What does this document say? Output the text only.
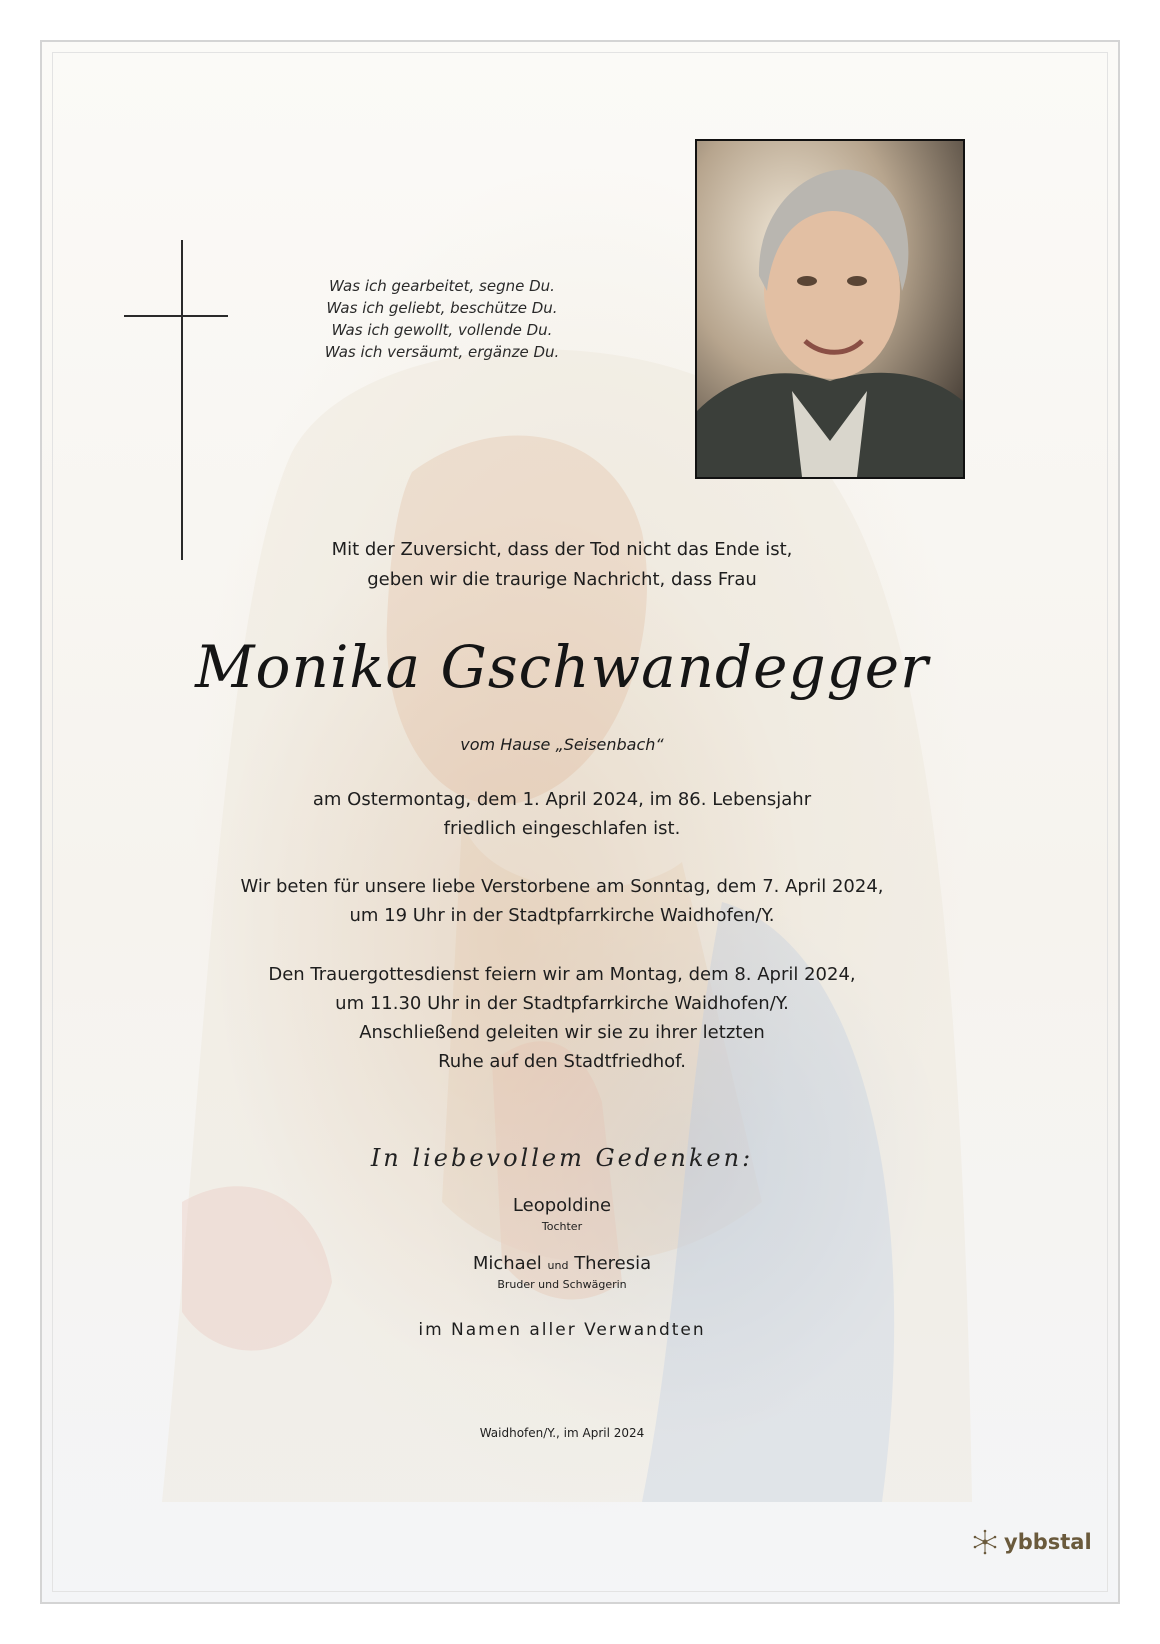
Was ich gearbeitet, segne Du.
Was ich geliebt, beschütze Du.
Was ich gewollt, vollende Du.
Was ich versäumt, ergänze Du.
Mit der Zuversicht, dass der Tod nicht das Ende ist,
geben wir die traurige Nachricht, dass Frau
Monika Gschwandegger
vom Hause „Seisenbach“
am Ostermontag, dem 1. April 2024, im 86. Lebensjahr
friedlich eingeschlafen ist.
Wir beten für unsere liebe Verstorbene am Sonntag, dem 7. April 2024,
um 19 Uhr in der Stadtpfarrkirche Waidhofen/Y.
Den Trauergottesdienst feiern wir am Montag, dem 8. April 2024,
um 11.30 Uhr in der Stadtpfarrkirche Waidhofen/Y.
Anschließend geleiten wir sie zu ihrer letzten
Ruhe auf den Stadtfriedhof.
In liebevollem Gedenken:
Leopoldine
Tochter
Michael und Theresia
Bruder und Schwägerin
im Namen aller Verwandten
Waidhofen/Y., im April 2024
ybbstal
